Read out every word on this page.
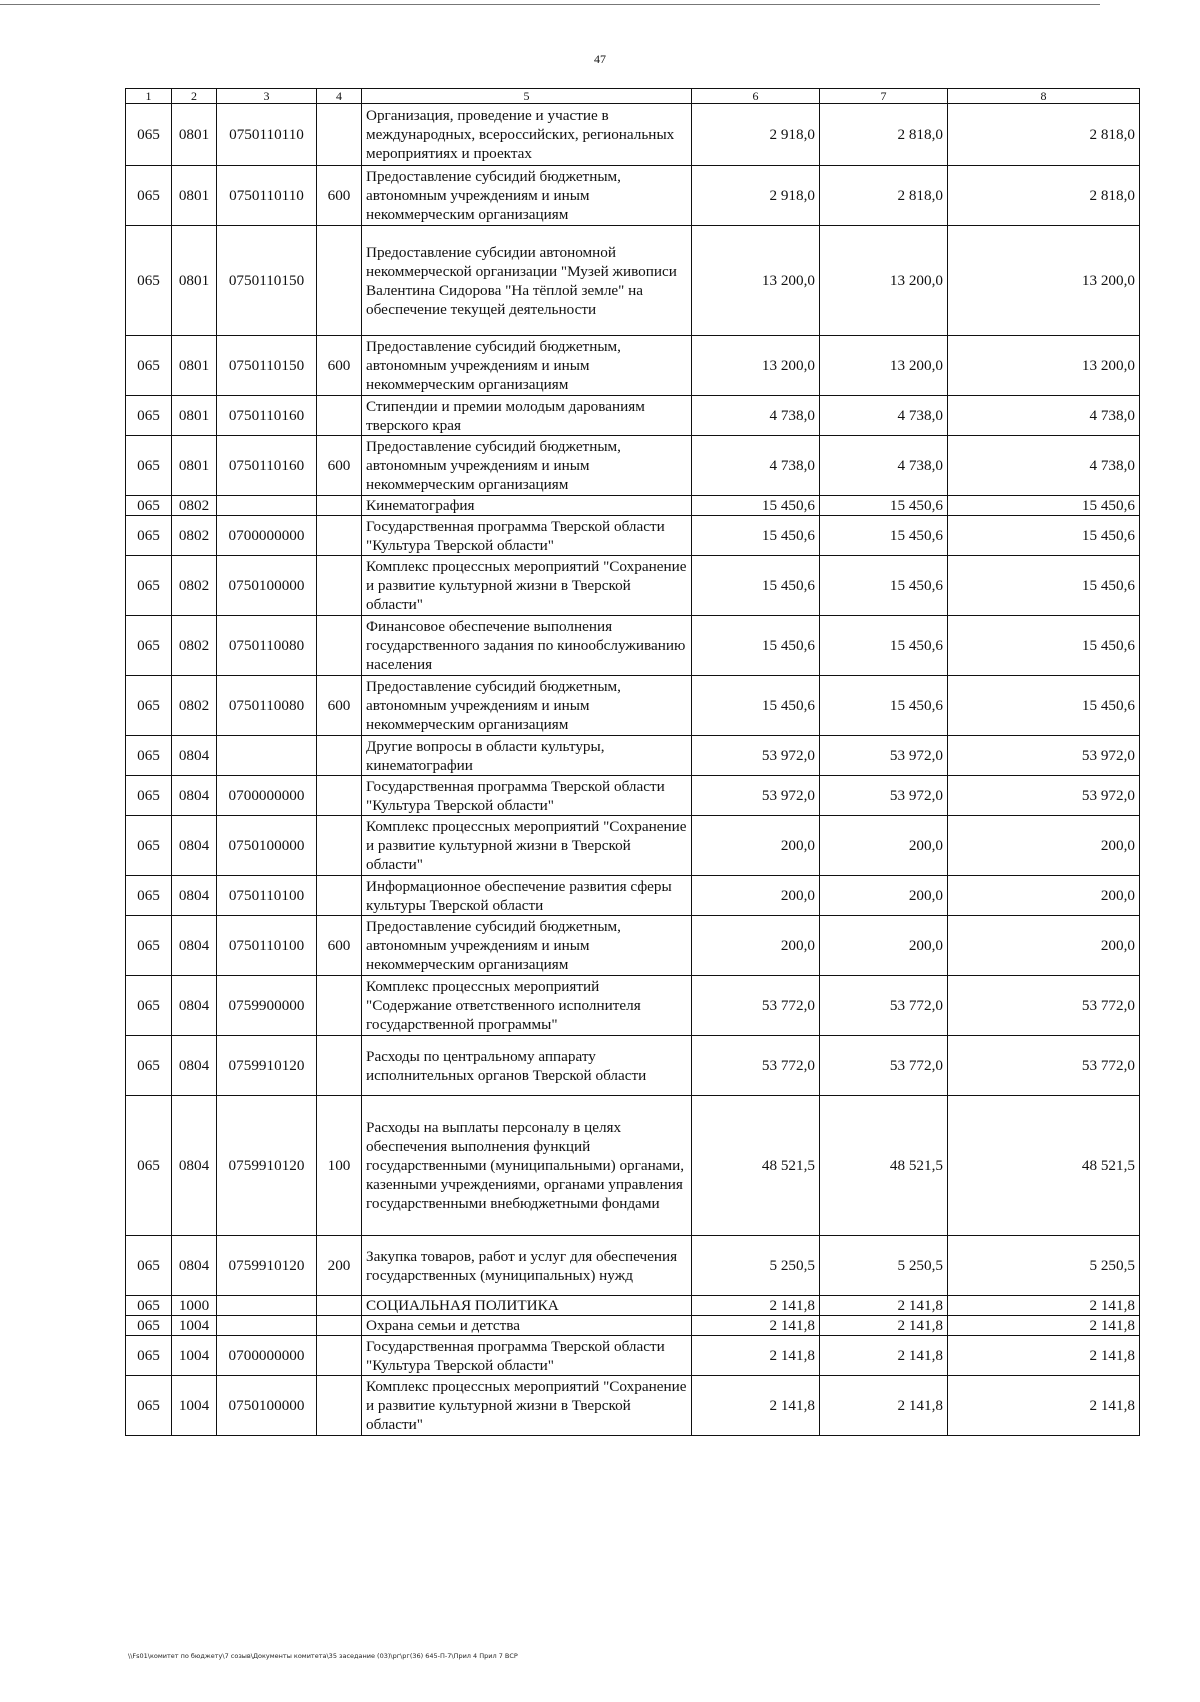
47
1	2	3	4	5	6	7	8
065	0801	0750110110		Организация, проведение и участие в международных, всероссийских, региональных мероприятиях и проектах	2 918,0	2 818,0	2 818,0
065	0801	0750110110	600	Предоставление субсидий бюджетным, автономным учреждениям и иным некоммерческим организациям	2 918,0	2 818,0	2 818,0
065	0801	0750110150		Предоставление субсидии автономной некоммерческой организации "Музей живописи Валентина Сидорова "На тёплой земле" на обеспечение текущей деятельности	13 200,0	13 200,0	13 200,0
065	0801	0750110150	600	Предоставление субсидий бюджетным, автономным учреждениям и иным некоммерческим организациям	13 200,0	13 200,0	13 200,0
065	0801	0750110160		Стипендии и премии молодым дарованиям тверского края	4 738,0	4 738,0	4 738,0
065	0801	0750110160	600	Предоставление субсидий бюджетным, автономным учреждениям и иным некоммерческим организациям	4 738,0	4 738,0	4 738,0
065	0802			Кинематография	15 450,6	15 450,6	15 450,6
065	0802	0700000000		Государственная программа Тверской области "Культура Тверской области"	15 450,6	15 450,6	15 450,6
065	0802	0750100000		Комплекс процессных мероприятий "Сохранение и развитие культурной жизни в Тверской области"	15 450,6	15 450,6	15 450,6
065	0802	0750110080		Финансовое обеспечение выполнения государственного задания по кинообслуживанию населения	15 450,6	15 450,6	15 450,6
065	0802	0750110080	600	Предоставление субсидий бюджетным, автономным учреждениям и иным некоммерческим организациям	15 450,6	15 450,6	15 450,6
065	0804			Другие вопросы в области культуры, кинематографии	53 972,0	53 972,0	53 972,0
065	0804	0700000000		Государственная программа Тверской области "Культура Тверской области"	53 972,0	53 972,0	53 972,0
065	0804	0750100000		Комплекс процессных мероприятий "Сохранение и развитие культурной жизни в Тверской области"	200,0	200,0	200,0
065	0804	0750110100		Информационное обеспечение развития сферы культуры Тверской области	200,0	200,0	200,0
065	0804	0750110100	600	Предоставление субсидий бюджетным, автономным учреждениям и иным некоммерческим организациям	200,0	200,0	200,0
065	0804	0759900000		Комплекс процессных мероприятий "Содержание ответственного исполнителя государственной программы"	53 772,0	53 772,0	53 772,0
065	0804	0759910120		Расходы по центральному аппарату исполнительных органов Тверской области	53 772,0	53 772,0	53 772,0
065	0804	0759910120	100	Расходы на выплаты персоналу в целях обеспечения выполнения функций государственными (муниципальными) органами, казенными учреждениями, органами управления государственными внебюджетными фондами	48 521,5	48 521,5	48 521,5
065	0804	0759910120	200	Закупка товаров, работ и услуг для обеспечения государственных (муниципальных) нужд	5 250,5	5 250,5	5 250,5
065	1000			СОЦИАЛЬНАЯ ПОЛИТИКА	2 141,8	2 141,8	2 141,8
065	1004			Охрана семьи и детства	2 141,8	2 141,8	2 141,8
065	1004	0700000000		Государственная программа Тверской области "Культура Тверской области"	2 141,8	2 141,8	2 141,8
065	1004	0750100000		Комплекс процессных мероприятий "Сохранение и развитие культурной жизни в Тверской области"	2 141,8	2 141,8	2 141,8
\\Fs01\комитет по бюджету\7 созыв\Документы комитета\35 заседание (03)\рг\рг(36) 645-П-7\Прил 4 Прил 7 ВСР
